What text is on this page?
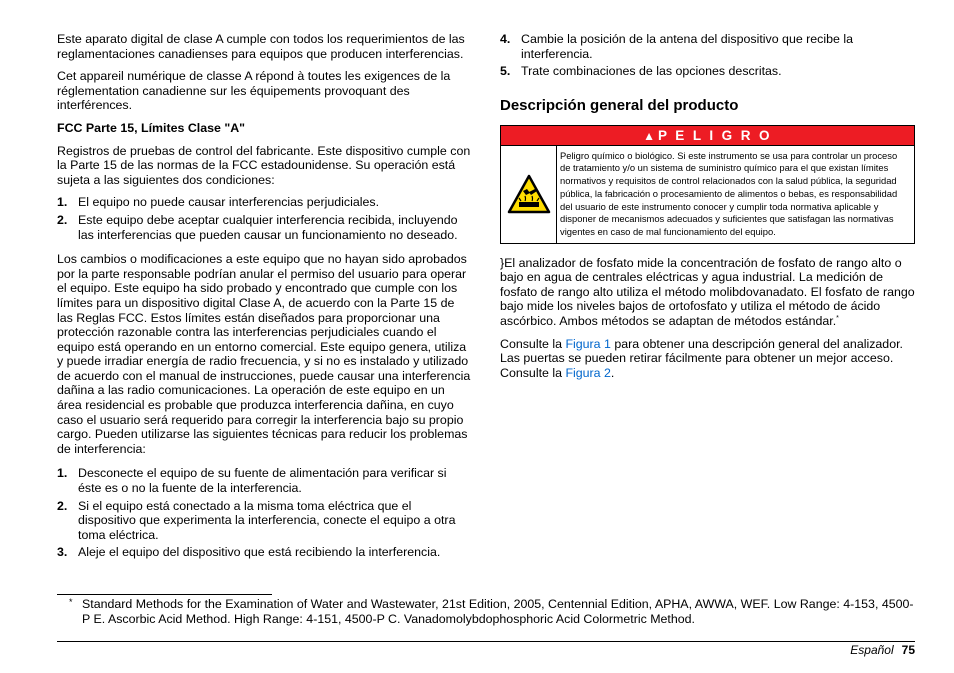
Este aparato digital de clase A cumple con todos los requerimientos de las reglamentaciones canadienses para equipos que producen interferencias.

Cet appareil numérique de classe A répond à toutes les exigences de la réglementation canadienne sur les équipements provoquant des interférences.

FCC Parte 15, Límites Clase "A"

Registros de pruebas de control del fabricante. Este dispositivo cumple con la Parte 15 de las normas de la FCC estadounidense. Su operación está sujeta a las siguientes dos condiciones:

1. El equipo no puede causar interferencias perjudiciales.
2. Este equipo debe aceptar cualquier interferencia recibida, incluyendo las interferencias que pueden causar un funcionamiento no deseado.

Los cambios o modificaciones a este equipo que no hayan sido aprobados por la parte responsable podrían anular el permiso del usuario para operar el equipo. Este equipo ha sido probado y encontrado que cumple con los límites para un dispositivo digital Clase A, de acuerdo con la Parte 15 de las Reglas FCC. Estos límites están diseñados para proporcionar una protección razonable contra las interferencias perjudiciales cuando el equipo está operando en un entorno comercial. Este equipo genera, utiliza y puede irradiar energía de radio frecuencia, y si no es instalado y utilizado de acuerdo con el manual de instrucciones, puede causar una interferencia dañina a las radio comunicaciones. La operación de este equipo en un área residencial es probable que produzca interferencia dañina, en cuyo caso el usuario será requerido para corregir la interferencia bajo su propio cargo. Pueden utilizarse las siguientes técnicas para reducir los problemas de interferencia:

1. Desconecte el equipo de su fuente de alimentación para verificar si éste es o no la fuente de la interferencia.
2. Si el equipo está conectado a la misma toma eléctrica que el dispositivo que experimenta la interferencia, conecte el equipo a otra toma eléctrica.
3. Aleje el equipo del dispositivo que está recibiendo la interferencia.
4. Cambie la posición de la antena del dispositivo que recibe la interferencia.
5. Trate combinaciones de las opciones descritas.
Descripción general del producto
▲ P E L I G R O
Peligro químico o biológico. Si este instrumento se usa para controlar un proceso de tratamiento y/o un sistema de suministro químico para el que existan límites normativos y requisitos de control relacionados con la salud pública, la seguridad pública, la fabricación o procesamiento de alimentos o bebas, es responsabilidad del usuario de este instrumento conocer y cumplir toda normativa aplicable y disponer de mecanismos adecuados y suficientes que satisfagan las normativas vigentes en caso de mal funcionamiento del equipo.

}El analizador de fosfato mide la concentración de fosfato de rango alto o bajo en agua de centrales eléctricas y agua industrial. La medición de fosfato de rango alto utiliza el método molibdovanadato. El fosfato de rango bajo mide los niveles bajos de ortofosfato y utiliza el método de ácido ascórbico. Ambos métodos se adaptan de métodos estándar.*

Consulte la Figura 1 para obtener una descripción general del analizador. Las puertas se pueden retirar fácilmente para obtener un mejor acceso. Consulte la Figura 2.

* Standard Methods for the Examination of Water and Wastewater, 21st Edition, 2005, Centennial Edition, APHA, AWWA, WEF. Low Range: 4-153, 4500-P E. Ascorbic Acid Method. High Range: 4-151, 4500-P C. Vanadomolybdophosphoric Acid Colormetric Method.
Español 75
